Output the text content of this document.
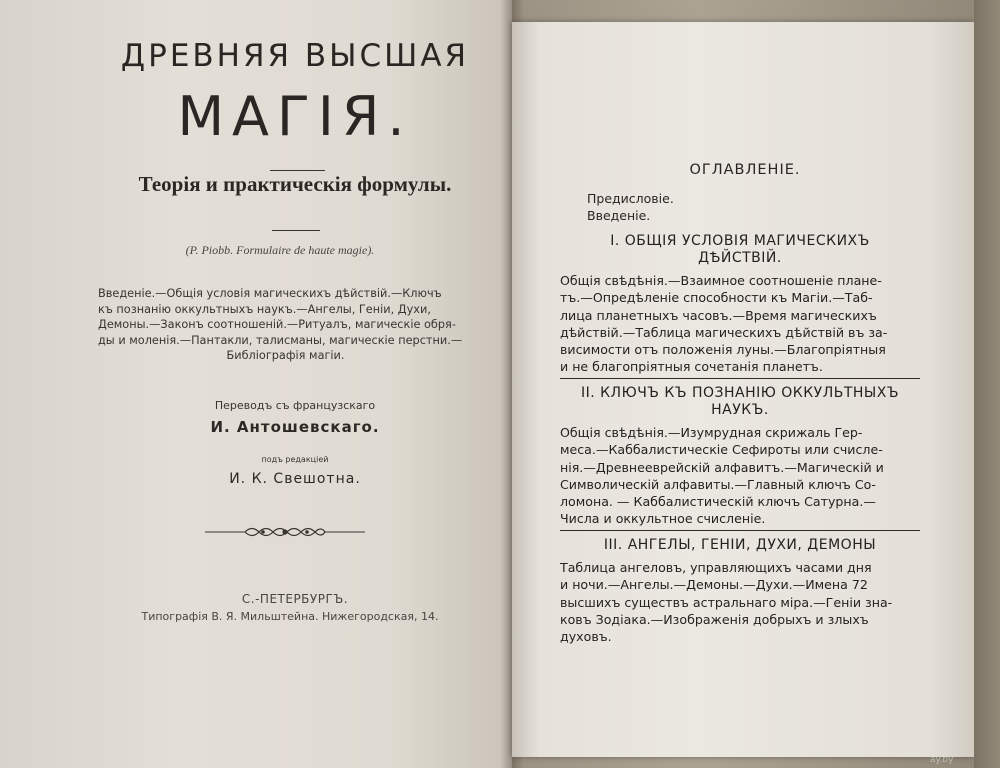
ДРЕВНЯЯ ВЫСШАЯ
МАГІЯ.
Теорія и практическія формулы.
(P. Piobb. Formulaire de haute magie).
Введеніе.—Общія условія магическихъ дѣйствій.—Ключъ
къ познанію оккультныхъ наукъ.—Ангелы, Геніи, Духи,
Демоны.—Законъ соотношеній.—Ритуалъ, магическіе обря-
ды и моленія.—Пантакли, талисманы, магическіе перстни.—
Библіографія магіи.
Переводъ съ французскаго
И. Антошевскаго.
подъ редакціей
И. К. Свешотна.
С.-ПЕТЕРБУРГЪ.
Типографія В. Я. Мильштейна. Нижегородская, 14.
ОГЛАВЛЕНІЕ.
Предисловіе.
Введеніе.
I. ОБЩІЯ УСЛОВІЯ МАГИЧЕСКИХЪ
ДѢЙСТВІЙ.
Общія свѣдѣнія.—Взаимное соотношеніе плане-
тъ.—Опредѣленіе способности къ Магіи.—Таб-
лица планетныхъ часовъ.—Время магическихъ
дѣйствій.—Таблица магическихъ дѣйствій въ за-
висимости отъ положенія луны.—Благопріятныя
и не благопріятныя сочетанія планетъ.
II. КЛЮЧЪ КЪ ПОЗНАНІЮ ОККУЛЬТНЫХЪ
НАУКЪ.
Общія свѣдѣнія.—Изумрудная скрижаль Гер-
меса.—Каббалистическіе Сефироты или счисле-
нія.—Древнееврейскій алфавитъ.—Магическій и
Символическій алфавиты.—Главный ключъ Со-
ломона. — Каббалистическій ключъ Сатурна.—
Числа и оккультное счисленіе.
III. АНГЕЛЫ, ГЕНІИ, ДУХИ, ДЕМОНЫ
Таблица ангеловъ, управляющихъ часами дня
и ночи.—Ангелы.—Демоны.—Духи.—Имена 72
высшихъ существъ астральнаго міра.—Геніи зна-
ковъ Зодіака.—Изображенія добрыхъ и злыхъ
духовъ.
ay.by
